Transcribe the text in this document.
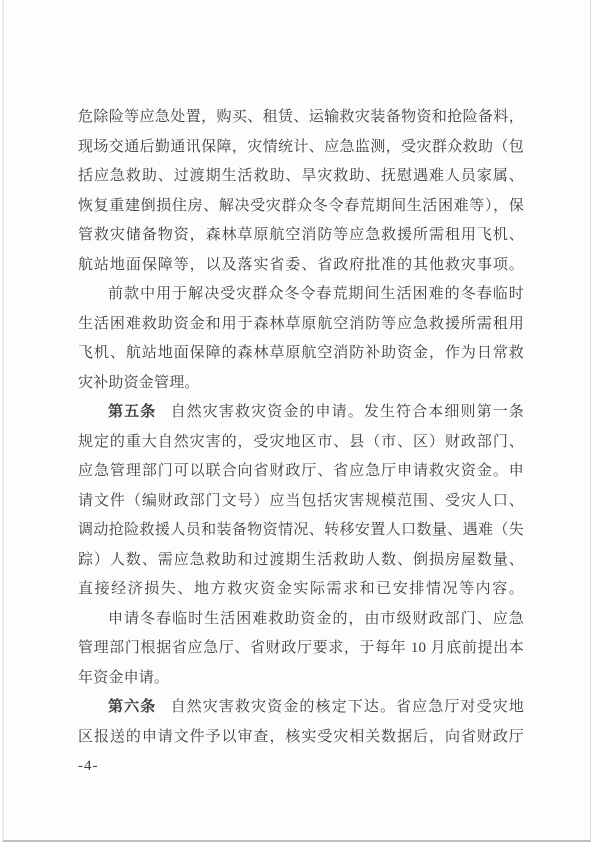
危除险等应急处置，购买、租赁、运输救灾装备物资和抢险备料，
现场交通后勤通讯保障，灾情统计、应急监测，受灾群众救助（包
括应急救助、过渡期生活救助、旱灾救助、抚慰遇难人员家属、
恢复重建倒损住房、解决受灾群众冬令春荒期间生活困难等），保
管救灾储备物资，森林草原航空消防等应急救援所需租用飞机、
航站地面保障等，以及落实省委、省政府批准的其他救灾事项。
前款中用于解决受灾群众冬令春荒期间生活困难的冬春临时
生活困难救助资金和用于森林草原航空消防等应急救援所需租用
飞机、航站地面保障的森林草原航空消防补助资金，作为日常救
灾补助资金管理。
第五条 自然灾害救灾资金的申请。发生符合本细则第一条
规定的重大自然灾害的，受灾地区市、县（市、区）财政部门、
应急管理部门可以联合向省财政厅、省应急厅申请救灾资金。申
请文件（编财政部门文号）应当包括灾害规模范围、受灾人口、
调动抢险救援人员和装备物资情况、转移安置人口数量、遇难（失
踪）人数、需应急救助和过渡期生活救助人数、倒损房屋数量、
直接经济损失、地方救灾资金实际需求和已安排情况等内容。
申请冬春临时生活困难救助资金的，由市级财政部门、应急
管理部门根据省应急厅、省财政厅要求，于每年 10 月底前提出本
年资金申请。
第六条 自然灾害救灾资金的核定下达。省应急厅对受灾地
区报送的申请文件予以审查，核实受灾相关数据后，向省财政厅
-4-
